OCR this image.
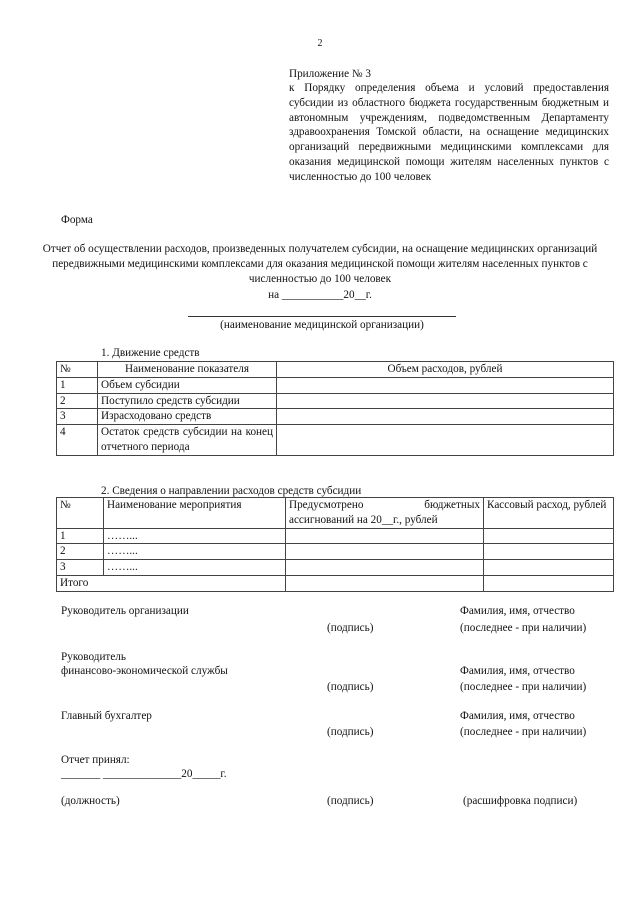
2
Приложение № 3

к Порядку определения объема и условий предоставления субсидии из областного бюджета государственным бюджетным и автономным учреждениям, подведомственным Департаменту здравоохранения Томской области, на оснащение медицинских организаций передвижными медицинскими комплексами для оказания медицинской помощи жителям населенных пунктов с численностью до 100 человек

Форма

Отчет об осуществлении расходов, произведенных получателем субсидии, на оснащение медицинских организаций передвижными медицинскими комплексами для оказания медицинской помощи жителям населенных пунктов с численностью до 100 человек

на ___________20__г.
(наименование медицинской организации)
1. Движение средств
№	Наименование показателя	Объем расходов, рублей
1	Объем субсидии	
2	Поступило средств субсидии	
3	Израсходовано средств	
4	Остаток средств субсидии на конец отчетного периода	
2. Сведения о направлении расходов средств субсидии
№	Наименование мероприятия	Предусмотрено бюджетных ассигнований на 20__г., рублей	Кассовый расход, рублей
1	……...		
2	……...		
3	……...		
Итого			
Руководитель организации	Фамилия, имя, отчество
(подпись)	(последнее - при наличии)
Руководитель
финансово-экономической службы	Фамилия, имя, отчество
(подпись)	(последнее - при наличии)
Главный бухгалтер	Фамилия, имя, отчество
(подпись)	(последнее - при наличии)
Отчет принял:
_______ ______________20_____г.
(должность)	(подпись)	(расшифровка подписи)
